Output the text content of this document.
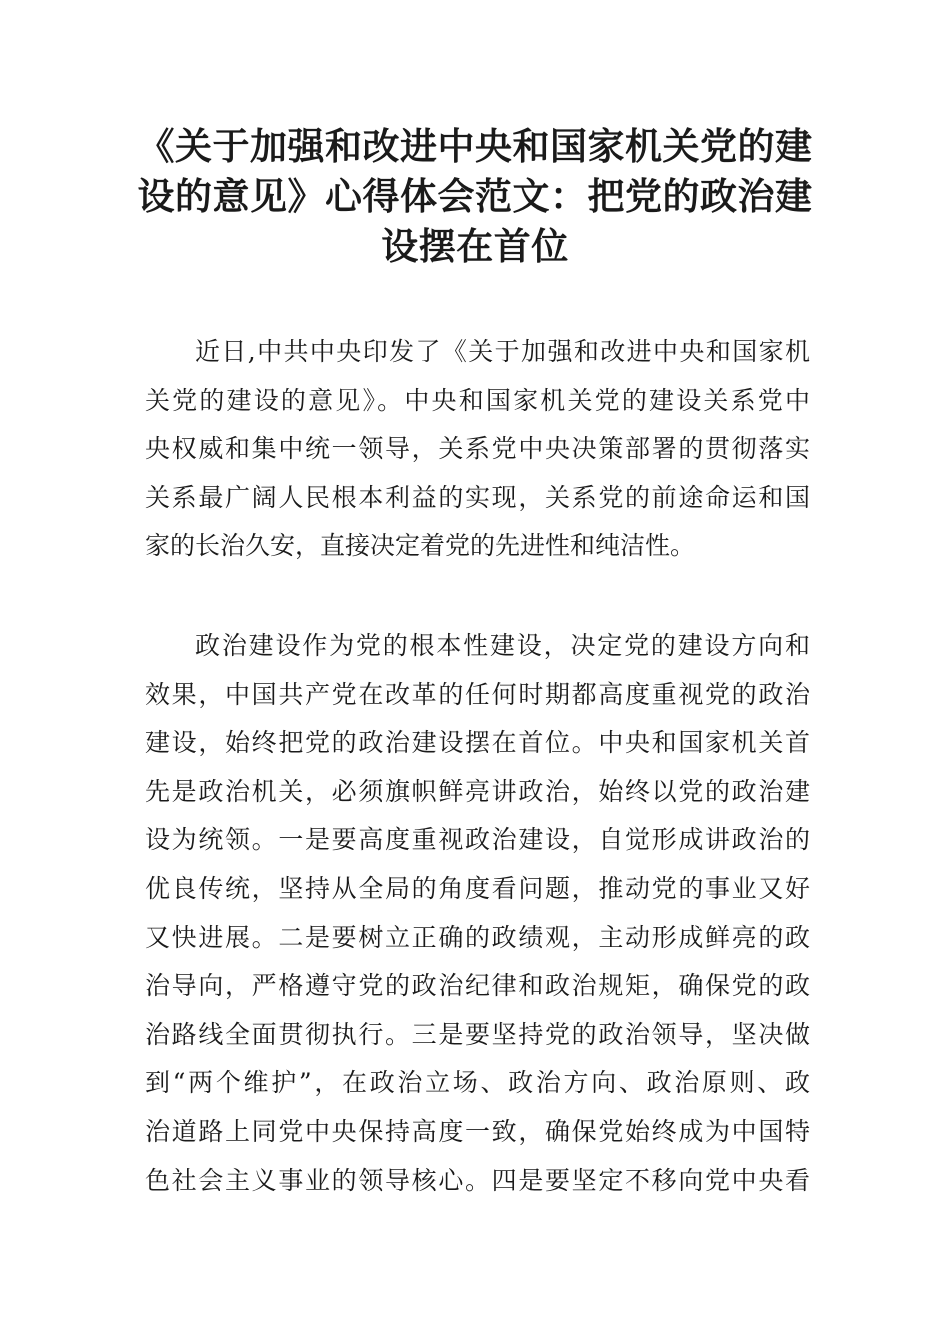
《关于加强和改进中央和国家机关党的建
设的意见》心得体会范文：把党的政治建
设摆在首位
近日,中共中央印发了《关于加强和改进中央和国家机
关党的建设的意见》。中央和国家机关党的建设关系党中
央权威和集中统一领导，关系党中央决策部署的贯彻落实
关系最广阔人民根本利益的实现，关系党的前途命运和国
家的长治久安，直接决定着党的先进性和纯洁性。
政治建设作为党的根本性建设，决定党的建设方向和
效果，中国共产党在改革的任何时期都高度重视党的政治
建设，始终把党的政治建设摆在首位。中央和国家机关首
先是政治机关，必须旗帜鲜亮讲政治，始终以党的政治建
设为统领。一是要高度重视政治建设，自觉形成讲政治的
优良传统，坚持从全局的角度看问题，推动党的事业又好
又快进展。二是要树立正确的政绩观，主动形成鲜亮的政
治导向，严格遵守党的政治纪律和政治规矩，确保党的政
治路线全面贯彻执行。三是要坚持党的政治领导，坚决做
到“两个维护”，在政治立场、政治方向、政治原则、政
治道路上同党中央保持高度一致，确保党始终成为中国特
色社会主义事业的领导核心。四是要坚定不移向党中央看
